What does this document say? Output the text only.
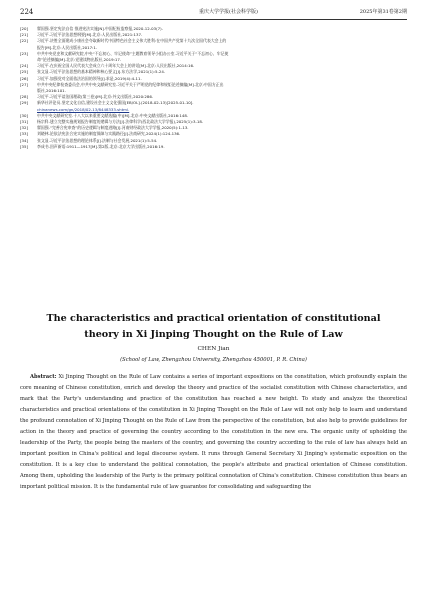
224	重庆大学学报(社会科学版)	2025年第31卷第2期
[20]	翟国强.坚定宪法自信 推进宪法实施[N].中国纪检监察报,2020-12-03(7).
[21]	习近平.习近平法治思想纲要[M].北京:人民出版社,2021:137.
[22]	习近平.决胜全面建成小康社会夺取新时代中国特色社会主义伟大胜利:在中国共产党第十九次全国代表大会上的
报告[M].北京:人民出版社,2017:1.
[23]	中共中央党史和文献研究院,中央“不忘初心、牢记使命”主题教育领导小组办公室.习近平关于“不忘初心、牢记使
命”论述摘编[M].北京:党建读物出版社,2019:17.
[24]	习近平.在庆祝全国人民代表大会成立六十周年大会上的讲话[M].北京:人民出版社,2014:16.
[25]	张文显.习近平法治思想的基本精神和核心要义[J].东方法学,2021(1):5-24.
[26]	习近平.加强党对全面依法治国的领导[J].求是,2019(4):4-11.
[27]	中共中央纪律检查委员会,中共中央文献研究室.习近平关于严明党的纪律和规矩论述摘编[M].北京:中国方正出
版社,2016:101.
[28]	习近平.习近平谈治国理政(第三卷)[M].北京:外文出版社,2020:286.
[29]	新华社评论员.坚定文化自信,建设社会主义文化强国[EB/OL].(2018-02-13)[2025-01-10].
chinanews.com/gn/2018/02-13/8448333.shtml.
[30]	中共中央文献研究室.十八大以来重要文献选编(中)[M].北京:中央文献出版社,2016:148.
[31]	杨宗科.建立完整实施规划报告制度的逻辑与方法[J].法律科学(西北政法大学学报),2025(1):3-18.
[32]	翟国强.“完善合宪审查”的历史逻辑与制度进路[J].河南财经政法大学学报,2020(5):1-13.
[33]	刘晓林.论依法宪法合宪实施的制度保障与实践路径[J].法商研究,2024(1):124-136.
[34]	张文显.习近平法治思想的理论体系[J].法制与社会发展,2021(1):5-54.
[35]	李成书.回声新语:1911—1917[M].第2版.北京:北京大学出版社,2016:19.
The characteristics and practical orientation of constitutional
theory in Xi Jinping Thought on the Rule of Law
CHEN Jian
(School of Law, Zhengzhou University, Zhengzhou 450001, P. R. China)

Abstract: Xi Jinping Thought on the Rule of Law contains a series of important expositions on the constitution, which profoundly explain the core meaning of Chinese constitution, enrich and develop the theory and practice of the socialist constitution with Chinese characteristics, and mark that the Party's understanding and practice of the constitution has reached a new height. To study and analyze the theoretical characteristics and practical orientations of the constitution in Xi Jinping Thought on the Rule of Law will not only help to learn and understand the profound connotation of Xi Jinping Thought on the Rule of Law from the perspective of the constitution, but also help to provide guidelines for action in the theory and practice of governing the country according to the constitution in the new era. The organic unity of upholding the leadership of the Party, the people being the masters of the country, and governing the country according to the rule of law has always held an important position in China's political and legal discourse system. It runs through General Secretary Xi Jinping's systematic exposition on the constitution. It is a key clue to understand the political connotation, the people's attribute and practical orientation of Chinese constitution. Among them, upholding the leadership of the Party is the primary political connotation of China's constitution. Chinese constitution thus bears an important political mission. It is the fundamental rule of law guarantee for consolidating and safeguarding the
